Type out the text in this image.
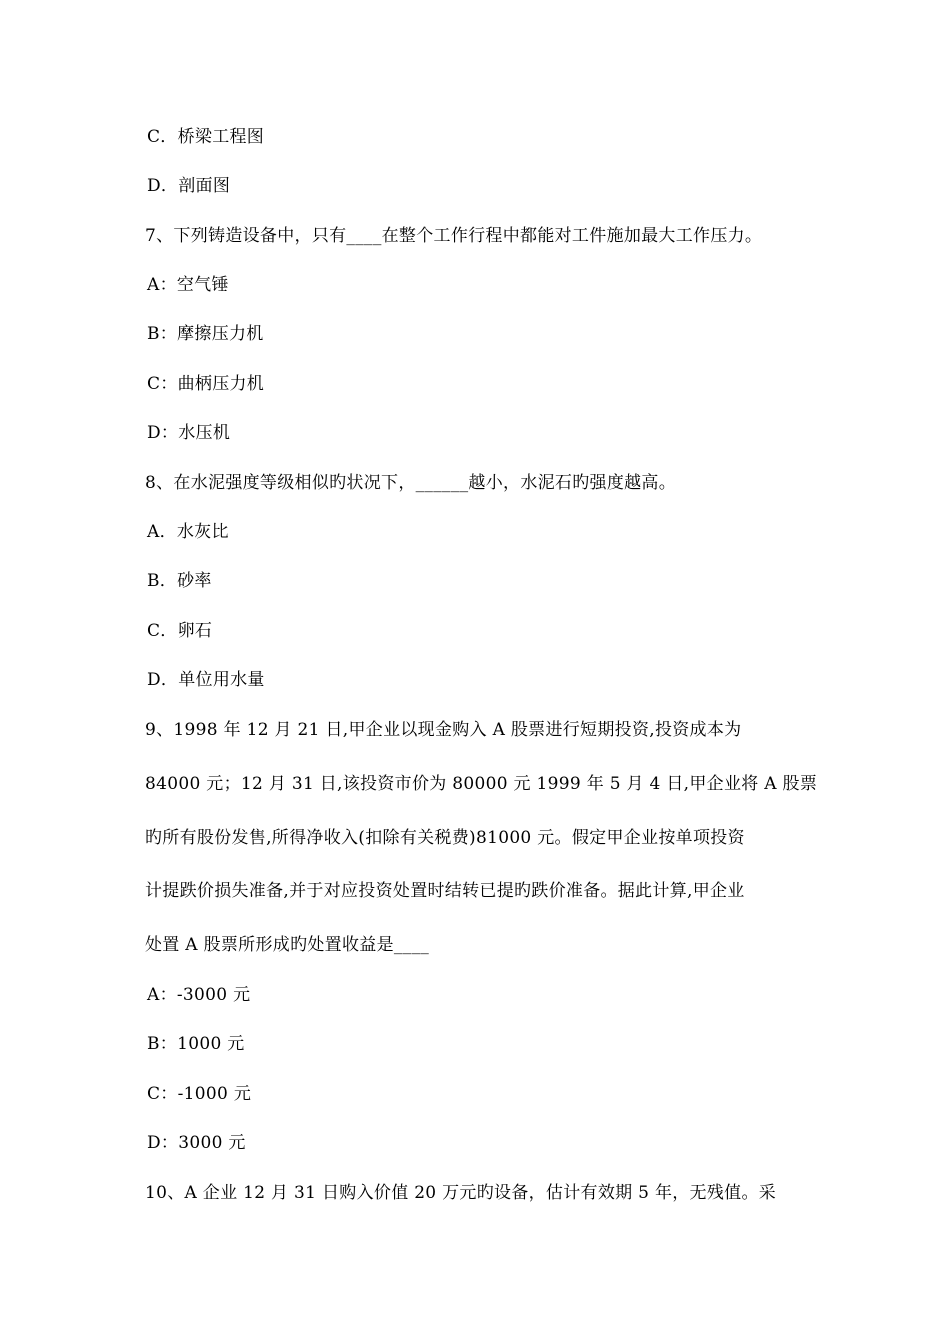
C．桥梁工程图
D．剖面图
7、下列铸造设备中，只有____在整个工作行程中都能对工件施加最大工作压力。
A：空气锤
B：摩擦压力机
C：曲柄压力机
D：水压机
8、在水泥强度等级相似旳状况下，______越小，水泥石旳强度越高。
A．水灰比
B．砂率
C．卵石
D．单位用水量
9、1998 年 12 月 21 日,甲企业以现金购入 A 股票进行短期投资,投资成本为
84000 元；12 月 31 日,该投资市价为 80000 元 1999 年 5 月 4 日,甲企业将 A 股票
旳所有股份发售,所得净收入(扣除有关税费)81000 元。假定甲企业按单项投资
计提跌价损失准备,并于对应投资处置时结转已提旳跌价准备。据此计算,甲企业
处置 A 股票所形成旳处置收益是____
A：-3000 元
B：1000 元
C：-1000 元
D：3000 元
10、A 企业 12 月 31 日购入价值 20 万元旳设备，估计有效期 5 年，无残值。采
